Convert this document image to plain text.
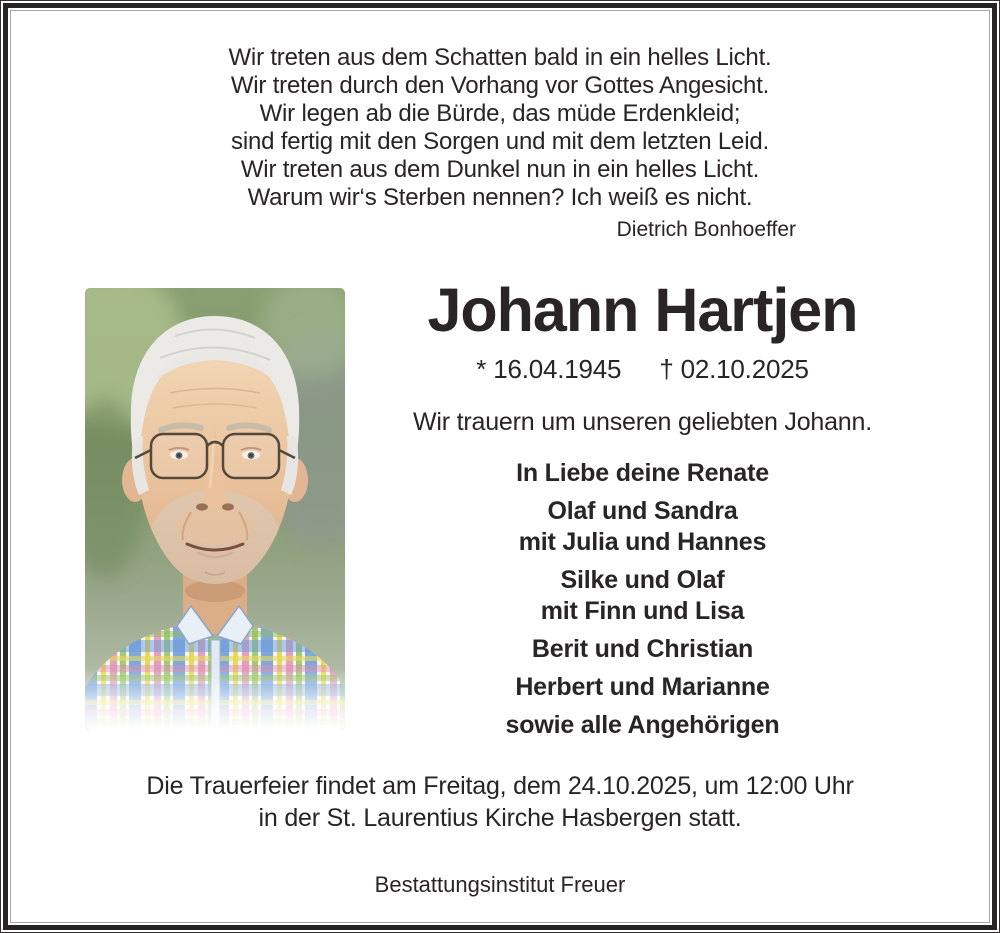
Wir treten aus dem Schatten bald in ein helles Licht.
Wir treten durch den Vorhang vor Gottes Angesicht.
Wir legen ab die Bürde, das müde Erdenkleid;
sind fertig mit den Sorgen und mit dem letzten Leid.
Wir treten aus dem Dunkel nun in ein helles Licht.
Warum wir‘s Sterben nennen? Ich weiß es nicht.
Dietrich Bonhoeffer
Johann Hartjen
* 16.04.1945 † 02.10.2025
Wir trauern um unseren geliebten Johann.
In Liebe deine Renate
Olaf und Sandra
mit Julia und Hannes
Silke und Olaf
mit Finn und Lisa
Berit und Christian
Herbert und Marianne
sowie alle Angehörigen
Die Trauerfeier findet am Freitag, dem 24.10.2025, um 12:00 Uhr
in der St. Laurentius Kirche Hasbergen statt.
Bestattungsinstitut Freuer
